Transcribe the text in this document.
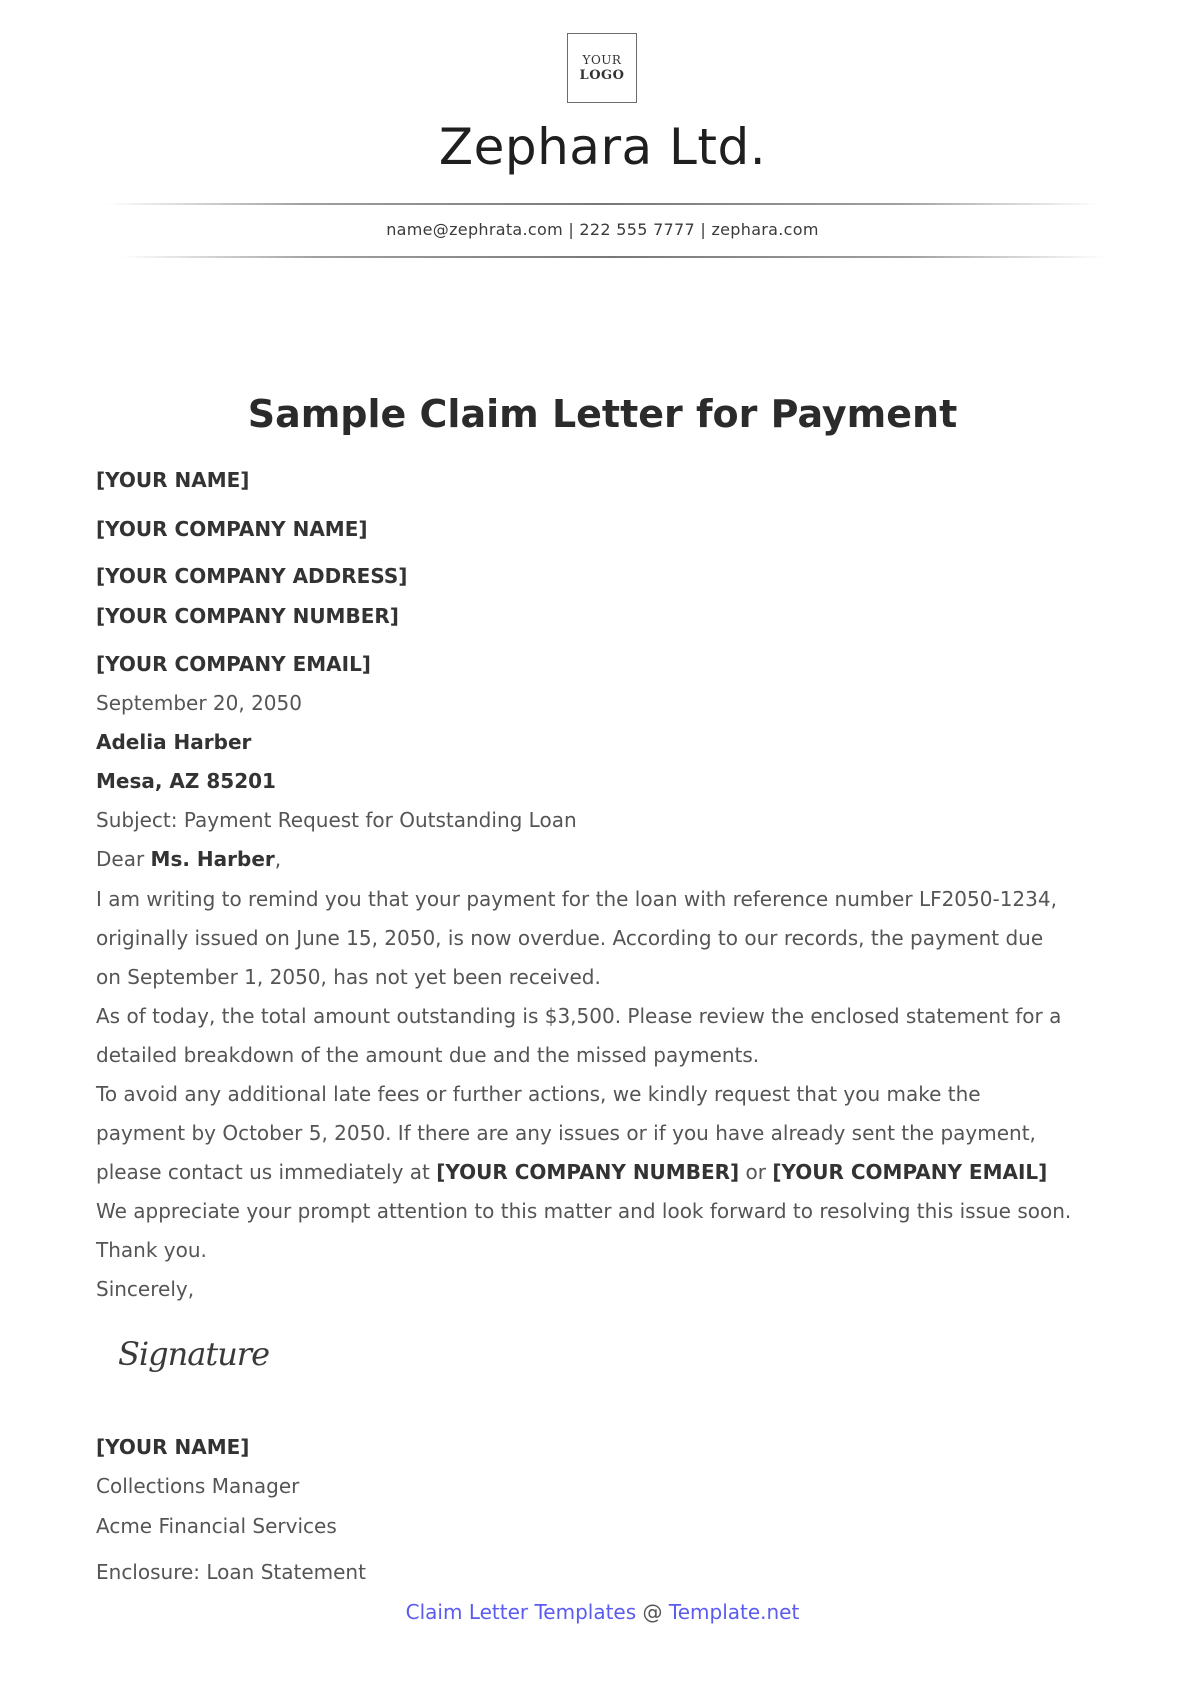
YOUR
LOGO
Zephara Ltd.
name@zephrata.com | 222 555 7777 | zephara.com
Sample Claim Letter for Payment
[YOUR NAME]
[YOUR COMPANY NAME]
[YOUR COMPANY ADDRESS]
[YOUR COMPANY NUMBER]
[YOUR COMPANY EMAIL]
September 20, 2050
Adelia Harber
Mesa, AZ 85201
Subject: Payment Request for Outstanding Loan
Dear Ms. Harber,
I am writing to remind you that your payment for the loan with reference number LF2050-1234,
originally issued on June 15, 2050, is now overdue. According to our records, the payment due
on September 1, 2050, has not yet been received.
As of today, the total amount outstanding is $3,500. Please review the enclosed statement for a
detailed breakdown of the amount due and the missed payments.
To avoid any additional late fees or further actions, we kindly request that you make the
payment by October 5, 2050. If there are any issues or if you have already sent the payment,
please contact us immediately at [YOUR COMPANY NUMBER] or [YOUR COMPANY EMAIL]
We appreciate your prompt attention to this matter and look forward to resolving this issue soon.
Thank you.
Sincerely,
Signature
[YOUR NAME]
Collections Manager
Acme Financial Services
Enclosure: Loan Statement
Claim Letter Templates @ Template.net
